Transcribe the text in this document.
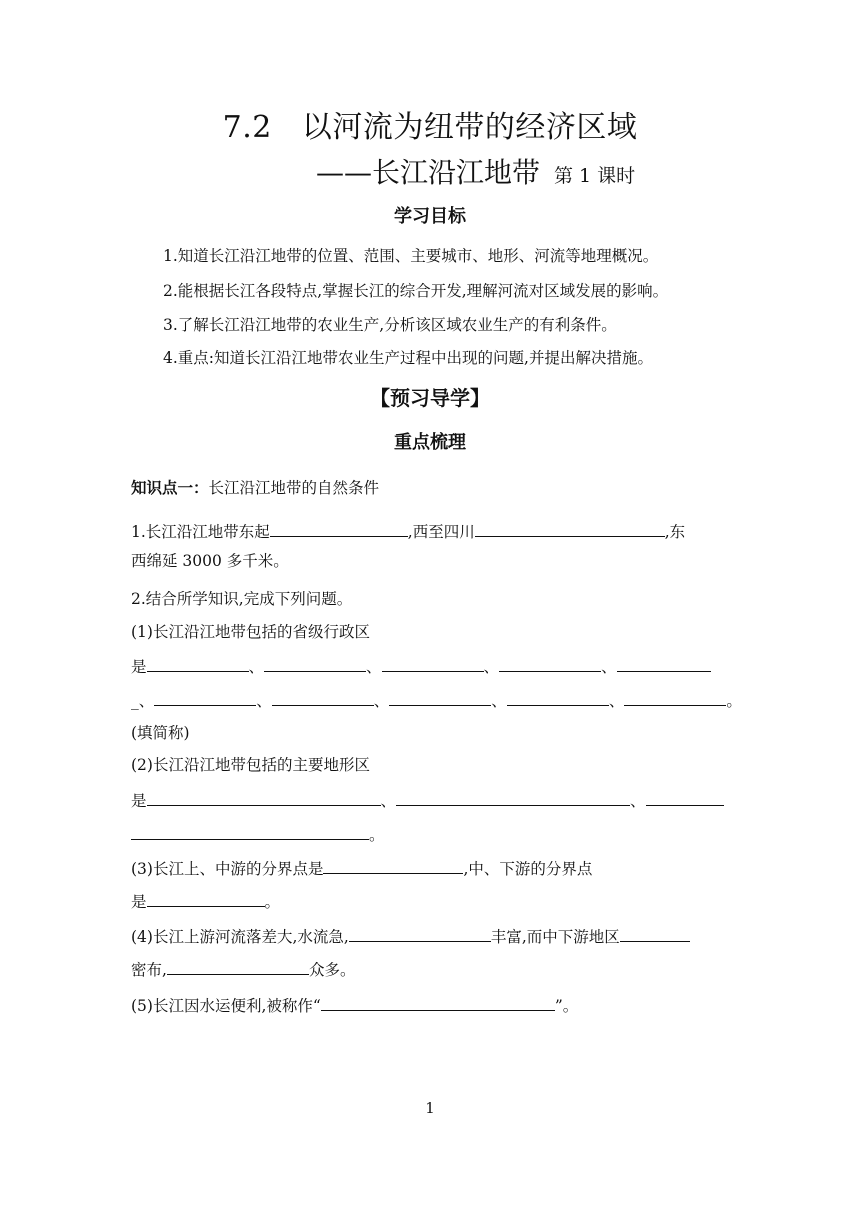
7.2 以河流为纽带的经济区域
——长江沿江地带 第 1 课时
学习目标
1.知道长江沿江地带的位置、范围、主要城市、地形、河流等地理概况。
2.能根据长江各段特点,掌握长江的综合开发,理解河流对区域发展的影响。
3.了解长江沿江地带的农业生产,分析该区域农业生产的有利条件。
4.重点:知道长江沿江地带农业生产过程中出现的问题,并提出解决措施。
【预习导学】
重点梳理
知识点一：长江沿江地带的自然条件
1.长江沿江地带东起	,西至四川	,东
西绵延 3000 多千米。
2.结合所学知识,完成下列问题。
(1)长江沿江地带包括的省级行政区
是	、	、	、	、
_、	、	、	、	、	。
(填简称)
(2)长江沿江地带包括的主要地形区
是	、	、
。
(3)长江上、中游的分界点是	,中、下游的分界点
是	。
(4)长江上游河流落差大,水流急,	丰富,而中下游地区
密布,	众多。
(5)长江因水运便利,被称作“	”。
1
